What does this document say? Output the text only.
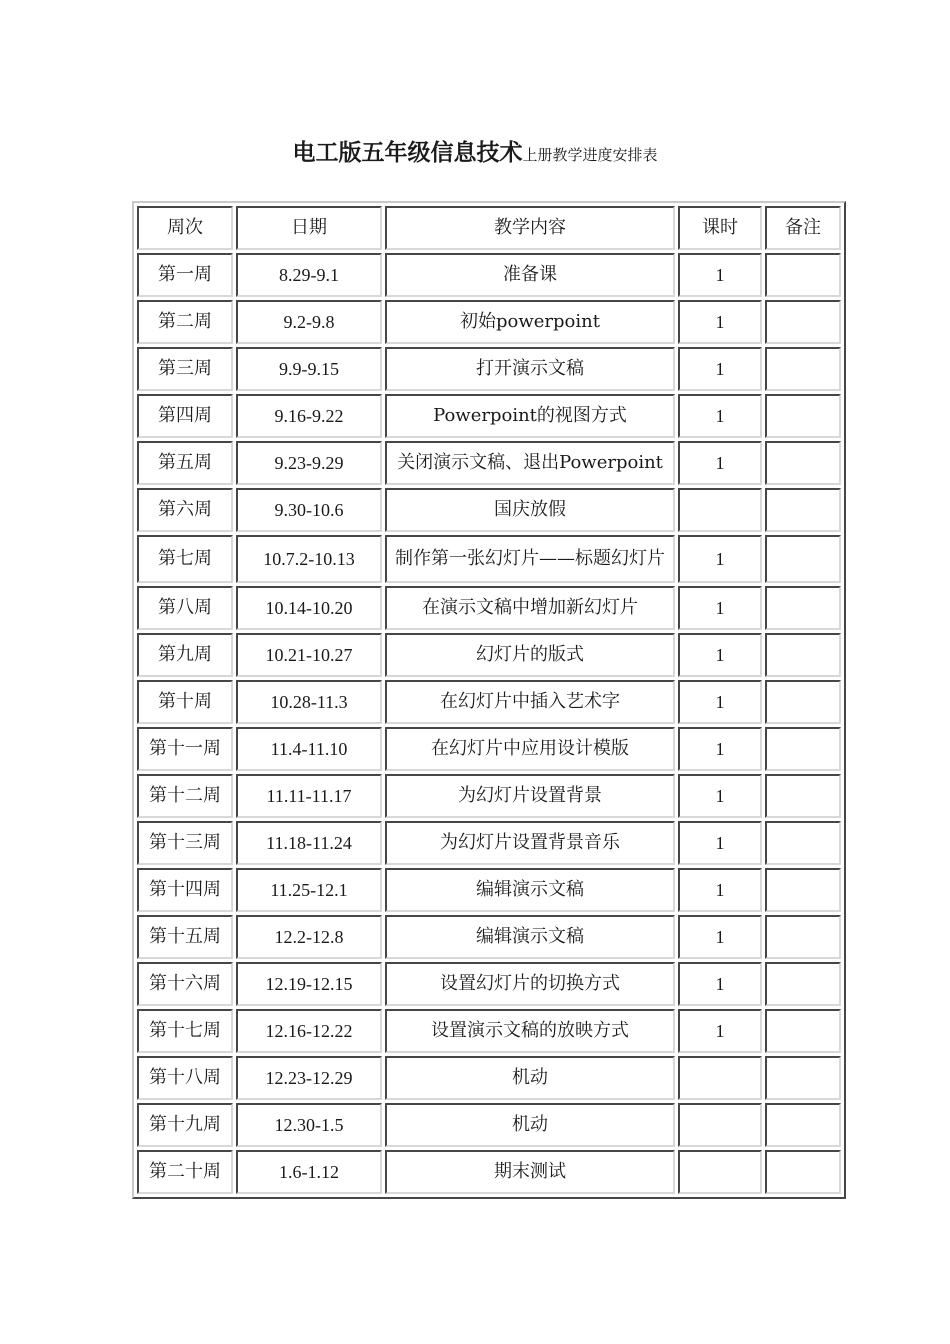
电工版五年级信息技术上册教学进度安排表
周次	日期	教学内容	课时	备注
第一周	8.29-9.1	准备课	1	
第二周	9.2-9.8	初始powerpoint	1	
第三周	9.9-9.15	打开演示文稿	1	
第四周	9.16-9.22	Powerpoint的视图方式	1	
第五周	9.23-9.29	关闭演示文稿、退出Powerpoint	1	
第六周	9.30-10.6	国庆放假		
第七周	10.7.2-10.13	制作第一张幻灯片——标题幻灯片	1	
第八周	10.14-10.20	在演示文稿中增加新幻灯片	1	
第九周	10.21-10.27	幻灯片的版式	1	
第十周	10.28-11.3	在幻灯片中插入艺术字	1	
第十一周	11.4-11.10	在幻灯片中应用设计模版	1	
第十二周	11.11-11.17	为幻灯片设置背景	1	
第十三周	11.18-11.24	为幻灯片设置背景音乐	1	
第十四周	11.25-12.1	编辑演示文稿	1	
第十五周	12.2-12.8	编辑演示文稿	1	
第十六周	12.19-12.15	设置幻灯片的切换方式	1	
第十七周	12.16-12.22	设置演示文稿的放映方式	1	
第十八周	12.23-12.29	机动		
第十九周	12.30-1.5	机动		
第二十周	1.6-1.12	期末测试		
